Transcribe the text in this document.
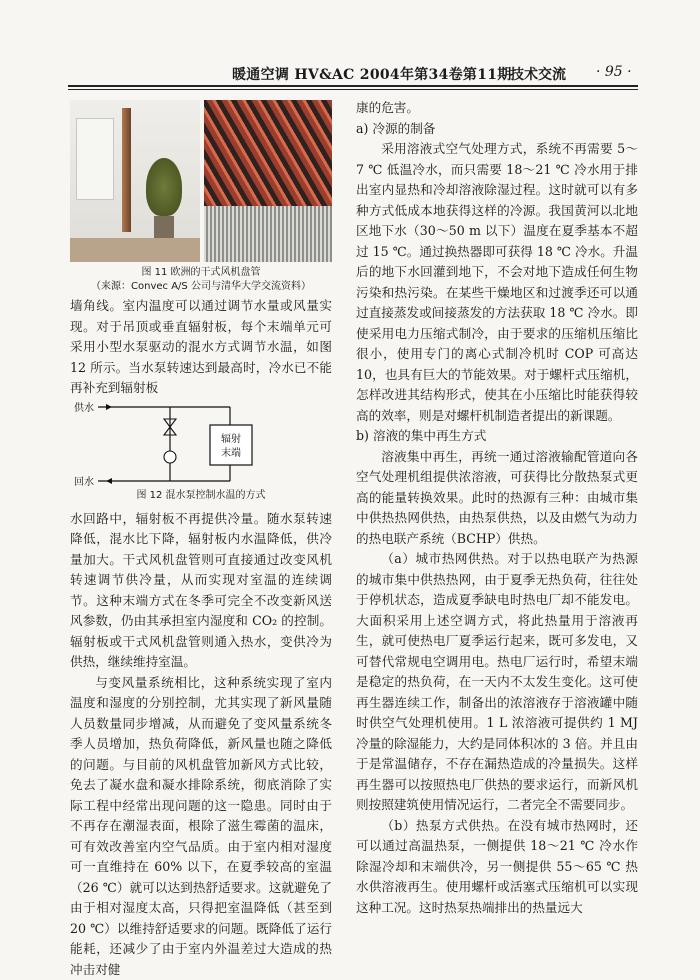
暖通空调 HV&AC 2004年第34卷第11期
技术交流 · 95 ·
图 11 欧洲的干式风机盘管
（来源：Convec A/S 公司与清华大学交流资料）

墙角线。室内温度可以通过调节水量或风量实现。对于吊顶或垂直辐射板，每个末端单元可采用小型水泵驱动的混水方式调节水温，如图 12 所示。当水泵转速达到最高时，冷水已不能再补充到辐射板

供水
回水
辐射
末端
图 12 混水泵控制水温的方式

水回路中，辐射板不再提供冷量。随水泵转速降低，混水比下降，辐射板内水温降低，供冷量加大。干式风机盘管则可直接通过改变风机转速调节供冷量，从而实现对室温的连续调节。这种末端方式在冬季可完全不改变新风送风参数，仍由其承担室内湿度和 CO₂ 的控制。辐射板或干式风机盘管则通入热水，变供冷为供热，继续维持室温。

与变风量系统相比，这种系统实现了室内温度和湿度的分别控制，尤其实现了新风量随人员数量同步增减，从而避免了变风量系统冬季人员增加，热负荷降低，新风量也随之降低的问题。与目前的风机盘管加新风方式比较，免去了凝水盘和凝水排除系统，彻底消除了实际工程中经常出现问题的这一隐患。同时由于不再存在潮湿表面，根除了滋生霉菌的温床，可有效改善室内空气品质。由于室内相对湿度可一直维持在 60% 以下，在夏季较高的室温（26 ℃）就可以达到热舒适要求。这就避免了由于相对湿度太高，只得把室温降低（甚至到 20 ℃）以维持舒适要求的问题。既降低了运行能耗，还减少了由于室内外温差过大造成的热冲击对健

康的危害。

a) 冷源的制备

采用溶液式空气处理方式，系统不再需要 5～7 ℃ 低温冷水，而只需要 18～21 ℃ 冷水用于排出室内显热和冷却溶液除湿过程。这时就可以有多种方式低成本地获得这样的冷源。我国黄河以北地区地下水（30～50 m 以下）温度在夏季基本不超过 15 ℃。通过换热器即可获得 18 ℃ 冷水。升温后的地下水回灌到地下，不会对地下造成任何生物污染和热污染。在某些干燥地区和过渡季还可以通过直接蒸发或间接蒸发的方法获取 18 ℃ 冷水。即使采用电力压缩式制冷，由于要求的压缩机压缩比很小，使用专门的离心式制冷机时 COP 可高达 10，也具有巨大的节能效果。对于螺杆式压缩机，怎样改进其结构形式，使其在小压缩比时能获得较高的效率，则是对螺杆机制造者提出的新课题。

b) 溶液的集中再生方式

溶液集中再生，再统一通过溶液输配管道向各空气处理机组提供浓溶液，可获得比分散热泵式更高的能量转换效果。此时的热源有三种：由城市集中供热热网供热，由热泵供热，以及由燃气为动力的热电联产系统（BCHP）供热。

（a）城市热网供热。对于以热电联产为热源的城市集中供热热网，由于夏季无热负荷，往往处于停机状态，造成夏季缺电时热电厂却不能发电。大面积采用上述空调方式，将此热量用于溶液再生，就可使热电厂夏季运行起来，既可多发电，又可替代常规电空调用电。热电厂运行时，希望末端是稳定的热负荷，在一天内不太发生变化。这可使再生器连续工作，制备出的浓溶液存于溶液罐中随时供空气处理机使用。1 L 浓溶液可提供约 1 MJ 冷量的除湿能力，大约是同体积冰的 3 倍。并且由于是常温储存，不存在漏热造成的冷量损失。这样再生器可以按照热电厂供热的要求运行，而新风机则按照建筑使用情况运行，二者完全不需要同步。

（b）热泵方式供热。在没有城市热网时，还可以通过高温热泵，一侧提供 18～21 ℃ 冷水作除湿冷却和末端供冷，另一侧提供 55～65 ℃ 热水供溶液再生。使用螺杆或活塞式压缩机可以实现这种工况。这时热泵热端排出的热量远大
